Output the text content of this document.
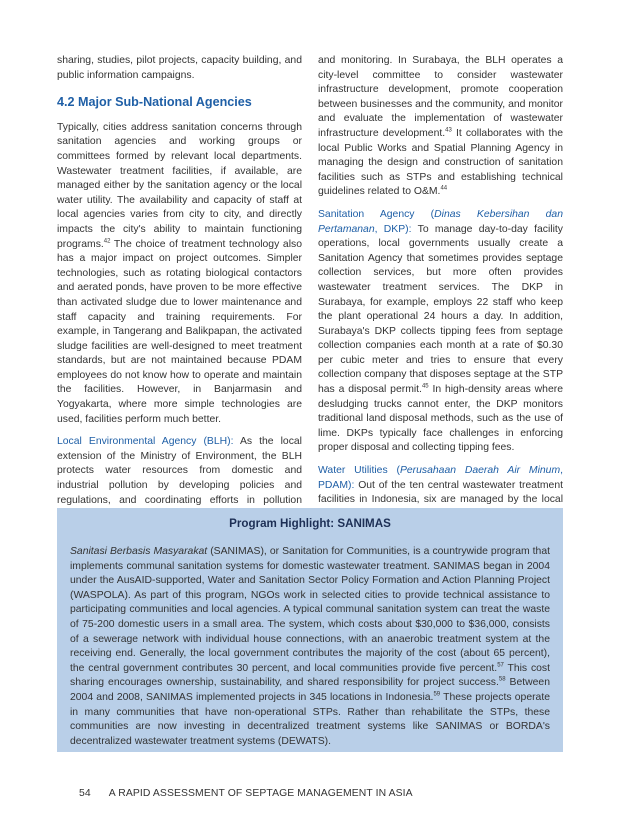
sharing, studies, pilot projects, capacity building, and public information campaigns.

4.2 Major Sub-National Agencies

Typically, cities address sanitation concerns through sanitation agencies and working groups or committees formed by relevant local departments. Wastewater treatment facilities, if available, are managed either by the sanitation agency or the local water utility. The availability and capacity of staff at local agencies varies from city to city, and directly impacts the city's ability to maintain functioning programs.$^{42}$ The choice of treatment technology also has a major impact on project outcomes. Simpler technologies, such as rotating biological contactors and aerated ponds, have proven to be more effective than activated sludge due to lower maintenance and staff capacity and training requirements. For example, in Tangerang and Balikpapan, the activated sludge facilities are well-designed to meet treatment standards, but are not maintained because PDAM employees do not know how to operate and maintain the facilities. However, in Banjarmasin and Yogyakarta, where more simple technologies are used, facilities perform much better.

Local Environmental Agency (BLH): As the local extension of the Ministry of Environment, the BLH protects water resources from domestic and industrial pollution by developing policies and regulations, and coordinating efforts in pollution

and monitoring. In Surabaya, the BLH operates a city-level committee to consider wastewater infrastructure development, promote cooperation between businesses and the community, and monitor and evaluate the implementation of wastewater infrastructure development.$^{43}$ It collaborates with the local Public Works and Spatial Planning Agency in managing the design and construction of sanitation facilities such as STPs and establishing technical guidelines related to O&M.$^{44}$

Sanitation Agency (Dinas Kebersihan dan Pertamanan, DKP): To manage day-to-day facility operations, local governments usually create a Sanitation Agency that sometimes provides septage collection services, but more often provides wastewater treatment services. The DKP in Surabaya, for example, employs 22 staff who keep the plant operational 24 hours a day. In addition, Surabaya's DKP collects tipping fees from septage collection companies each month at a rate of $0.30 per cubic meter and tries to ensure that every collection company that disposes septage at the STP has a disposal permit.$^{45}$ In high-density areas where desludging trucks cannot enter, the DKP monitors traditional land disposal methods, such as the use of lime. DKPs typically face challenges in enforcing proper disposal and collecting tipping fees.

Water Utilities (Perusahaan Daerah Air Minum, PDAM): Out of the ten central wastewater treatment facilities in Indonesia, six are managed by the local

Program Highlight: SANIMAS

Sanitasi Berbasis Masyarakat (SANIMAS), or Sanitation for Communities, is a countrywide program that implements communal sanitation systems for domestic wastewater treatment. SANIMAS began in 2004 under the AusAID-supported, Water and Sanitation Sector Policy Formation and Action Planning Project (WASPOLA). As part of this program, NGOs work in selected cities to provide technical assistance to participating communities and local agencies. A typical communal sanitation system can treat the waste of 75-200 domestic users in a small area. The system, which costs about $30,000 to $36,000, consists of a sewerage network with individual house connections, with an anaerobic treatment system at the receiving end. Generally, the local government contributes the majority of the cost (about 65 percent), the central government contributes 30 percent, and local communities provide five percent.$^{57}$ This cost sharing encourages ownership, sustainability, and shared responsibility for project success.$^{58}$ Between 2004 and 2008, SANIMAS implemented projects in 345 locations in Indonesia.$^{59}$ These projects operate in many communities that have non-operational STPs. Rather than rehabilitate the STPs, these communities are now investing in decentralized treatment systems like SANIMAS or BORDA's decentralized wastewater treatment systems (DEWATS).

54 A RAPID ASSESSMENT OF SEPTAGE MANAGEMENT IN ASIA
